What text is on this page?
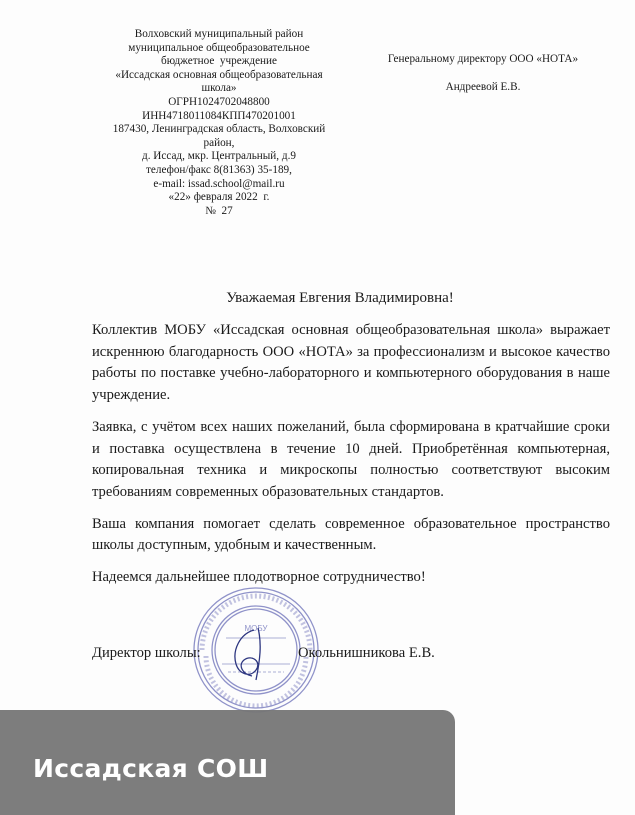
Волховский муниципальный район
муниципальное общеобразовательное
бюджетное  учреждение
«Иссадская основная общеобразовательная
школа»
ОГРН1024702048800
ИНН4718011084КПП470201001
187430, Ленинградская область, Волховский
район,
д. Иссад, мкр. Центральный, д.9
телефон/факс 8(81363) 35-189,
e-mail: issad.school@mail.ru
«22» февраля 2022  г.
№  27
Генеральному директору ООО «НОТА»
Андреевой Е.В.
Уважаемая Евгения Владимировна!

Коллектив МОБУ «Иссадская основная общеобразовательная школа» выражает искреннюю благодарность ООО «НОТА» за профессионализм и высокое качество работы по поставке учебно-лабораторного и компьютерного оборудования в наше учреждение.

Заявка, с учётом всех наших пожеланий, была сформирована в кратчайшие сроки и поставка осуществлена в течение 10 дней. Приобретённая компьютерная, копировальная техника и микроскопы полностью соответствуют высоким требованиям современных образовательных стандартов.

Ваша компания помогает сделать современное образовательное пространство школы доступным, удобным и качественным.

Надеемся дальнейшее плодотворное сотрудничество!

МОБУ
Директор школы:	Окольнишникова Е.В.
Иссадская СОШ
